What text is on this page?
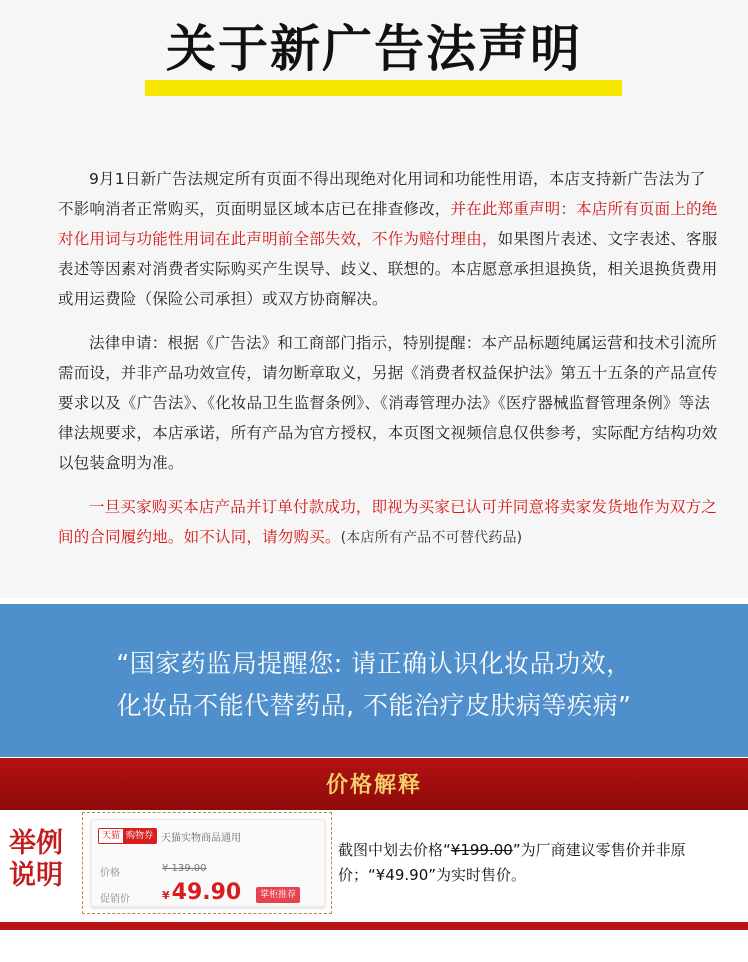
关于新广告法声明

9月1日新广告法规定所有页面不得出现绝对化用词和功能性用语，本店支持新广告法为了不影响消者正常购买，页面明显区域本店已在排查修改，并在此郑重声明：本店所有页面上的绝对化用词与功能性用词在此声明前全部失效，不作为赔付理由，如果图片表述、文字表述、客服表述等因素对消费者实际购买产生误导、歧义、联想的。本店愿意承担退换货，相关退换货费用或用运费险（保险公司承担）或双方协商解决。

法律申请：根据《广告法》和工商部门指示，特别提醒：本产品标题纯属运营和技术引流所需而设，并非产品功效宣传，请勿断章取义，另据《消费者权益保护法》第五十五条的产品宣传要求以及《广告法》、《化妆品卫生监督条例》、《消毒管理办法》《医疗器械监督管理条例》等法律法规要求，本店承诺，所有产品为官方授权，本页图文视频信息仅供参考，实际配方结构功效以包装盒明为准。

一旦买家购买本店产品并订单付款成功，即视为买家已认可并同意将卖家发货地作为双方之间的合同履约地。如不认同，请勿购买。(本店所有产品不可替代药品)

“国家药监局提醒您: 请正确认识化妆品功效，
化妆品不能代替药品, 不能治疗皮肤病等疾病”
价格解释
举例
说明
天猫 购物券 天猫实物商品通用
价格	¥ 139.00
促销价	¥49.90	掌柜推荐
截图中划去价格“¥199.00”为厂商建议零售价并非原价；“¥49.90”为实时售价。
